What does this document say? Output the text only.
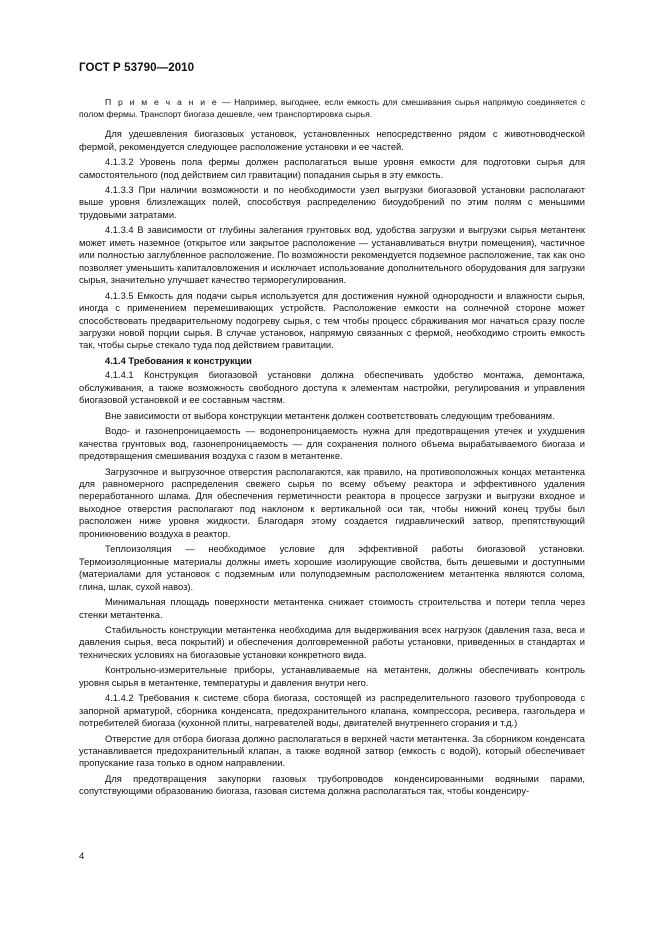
ГОСТ Р 53790—2010

П р и м е ч а н и е — Например, выгоднее, если емкость для смешивания сырья напрямую соединяется с полом фермы. Транспорт биогаза дешевле, чем транспортировка сырья.

Для удешевления биогазовых установок, установленных непосредственно рядом с животноводческой фермой, рекомендуется следующее расположение установки и ее частей.

4.1.3.2 Уровень пола фермы должен располагаться выше уровня емкости для подготовки сырья для самостоятельного (под действием сил гравитации) попадания сырья в эту емкость.

4.1.3.3 При наличии возможности и по необходимости узел выгрузки биогазовой установки располагают выше уровня близлежащих полей, способствуя распределению биоудобрений по этим полям с меньшими трудовыми затратами.

4.1.3.4 В зависимости от глубины залегания грунтовых вод, удобства загрузки и выгрузки сырья метантенк может иметь наземное (открытое или закрытое расположение — устанавливаться внутри помещения), частичное или полностью заглубленное расположение. По возможности рекомендуется подземное расположение, так как оно позволяет уменьшить капиталовложения и исключает использование дополнительного оборудования для загрузки сырья, значительно улучшает качество терморегулирования.

4.1.3.5 Емкость для подачи сырья используется для достижения нужной однородности и влажности сырья, иногда с применением перемешивающих устройств. Расположение емкости на солнечной стороне может способствовать предварительному подогреву сырья, с тем чтобы процесс сбраживания мог начаться сразу после загрузки новой порции сырья. В случае установок, напрямую связанных с фермой, необходимо строить емкость так, чтобы сырье стекало туда под действием гравитации.

4.1.4 Требования к конструкции

4.1.4.1 Конструкция биогазовой установки должна обеспечивать удобство монтажа, демонтажа, обслуживания, а также возможность свободного доступа к элементам настройки, регулирования и управления биогазовой установкой и ее составным частям.

Вне зависимости от выбора конструкции метантенк должен соответствовать следующим требованиям.

Водо- и газонепроницаемость — водонепроницаемость нужна для предотвращения утечек и ухудшения качества грунтовых вод, газонепроницаемость — для сохранения полного объема вырабатываемого биогаза и предотвращения смешивания воздуха с газом в метантенке.

Загрузочное и выгрузочное отверстия располагаются, как правило, на противоположных концах метантенка для равномерного распределения свежего сырья по всему объему реактора и эффективного удаления переработанного шлама. Для обеспечения герметичности реактора в процессе загрузки и выгрузки входное и выходное отверстия располагают под наклоном к вертикальной оси так, чтобы нижний конец трубы был расположен ниже уровня жидкости. Благодаря этому создается гидравлический затвор, препятствующий проникновению воздуха в реактор.

Теплоизоляция — необходимое условие для эффективной работы биогазовой установки. Термоизоляционные материалы должны иметь хорошие изолирующие свойства, быть дешевыми и доступными (материалами для установок с подземным или полуподземным расположением метантенка являются солома, глина, шлак, сухой навоз).

Минимальная площадь поверхности метантенка снижает стоимость строительства и потери тепла через стенки метантенка.

Стабильность конструкции метантенка необходима для выдерживания всех нагрузок (давления газа, веса и давления сырья, веса покрытий) и обеспечения долговременной работы установки, приведенных в стандартах и технических условиях на биогазовые установки конкретного вида.

Контрольно-измерительные приборы, устанавливаемые на метантенк, должны обеспечивать контроль уровня сырья в метантенке, температуры и давления внутри него.

4.1.4.2 Требования к системе сбора биогаза, состоящей из распределительного газового трубопровода с запорной арматурой, сборника конденсата, предохранительного клапана, компрессора, ресивера, газгольдера и потребителей биогаза (кухонной плиты, нагревателей воды, двигателей внутреннего сгорания и т.д.)

Отверстие для отбора биогаза должно располагаться в верхней части метантенка. За сборником конденсата устанавливается предохранительный клапан, а также водяной затвор (емкость с водой), который обеспечивает пропускание газа только в одном направлении.

Для предотвращения закупорки газовых трубопроводов конденсированными водяными парами, сопутствующими образованию биогаза, газовая система должна располагаться так, чтобы конденсиру-

4
